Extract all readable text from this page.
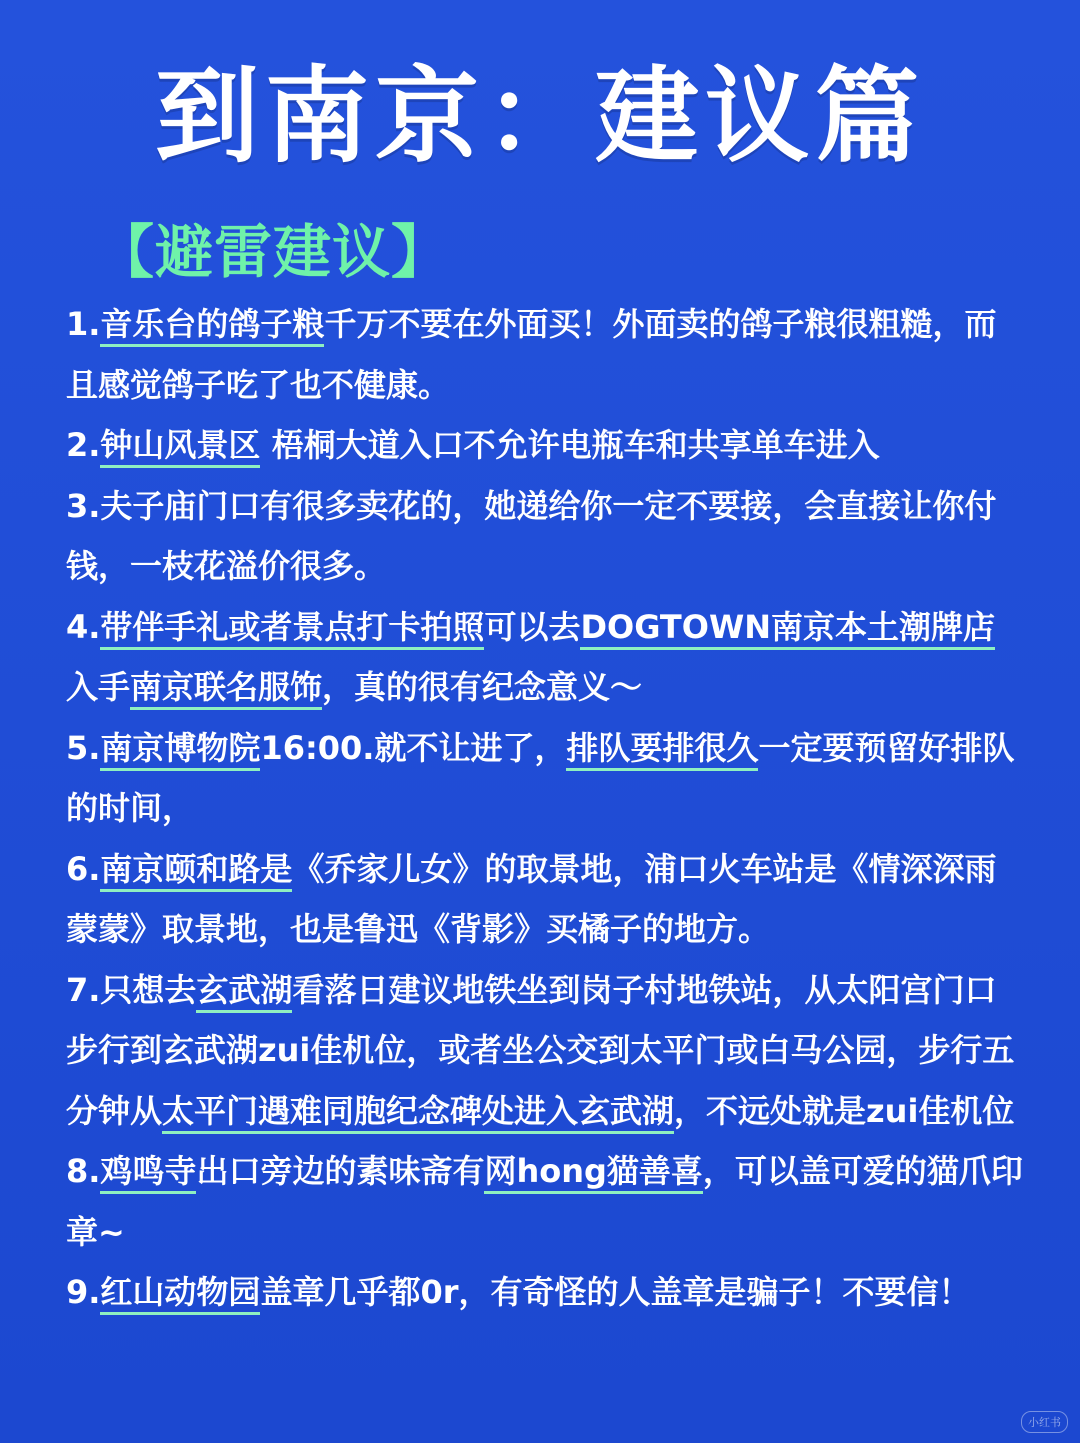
到南京：建议篇
【避雷建议】

1.音乐台的鸽子粮千万不要在外面买！外面卖的鸽子粮很粗糙，而且感觉鸽子吃了也不健康。

2.钟山风景区 梧桐大道入口不允许电瓶车和共享单车进入

3.夫子庙门口有很多卖花的，她递给你一定不要接，会直接让你付钱，一枝花溢价很多。

4.带伴手礼或者景点打卡拍照可以去DOGTOWN南京本土潮牌店入手南京联名服饰，真的很有纪念意义～

5.南京博物院16:00.就不让进了，排队要排很久一定要预留好排队的时间，

6.南京颐和路是《乔家儿女》的取景地，浦口火车站是《情深深雨蒙蒙》取景地，也是鲁迅《背影》买橘子的地方。

7.只想去玄武湖看落日建议地铁坐到岗子村地铁站，从太阳宫门口步行到玄武湖zui佳机位，或者坐公交到太平门或白马公园，步行五分钟从太平门遇难同胞纪念碑处进入玄武湖，不远处就是zui佳机位

8.鸡鸣寺出口旁边的素味斋有网hong猫善喜，可以盖可爱的猫爪印章~

9.红山动物园盖章几乎都0r，有奇怪的人盖章是骗子！不要信！

小红书
